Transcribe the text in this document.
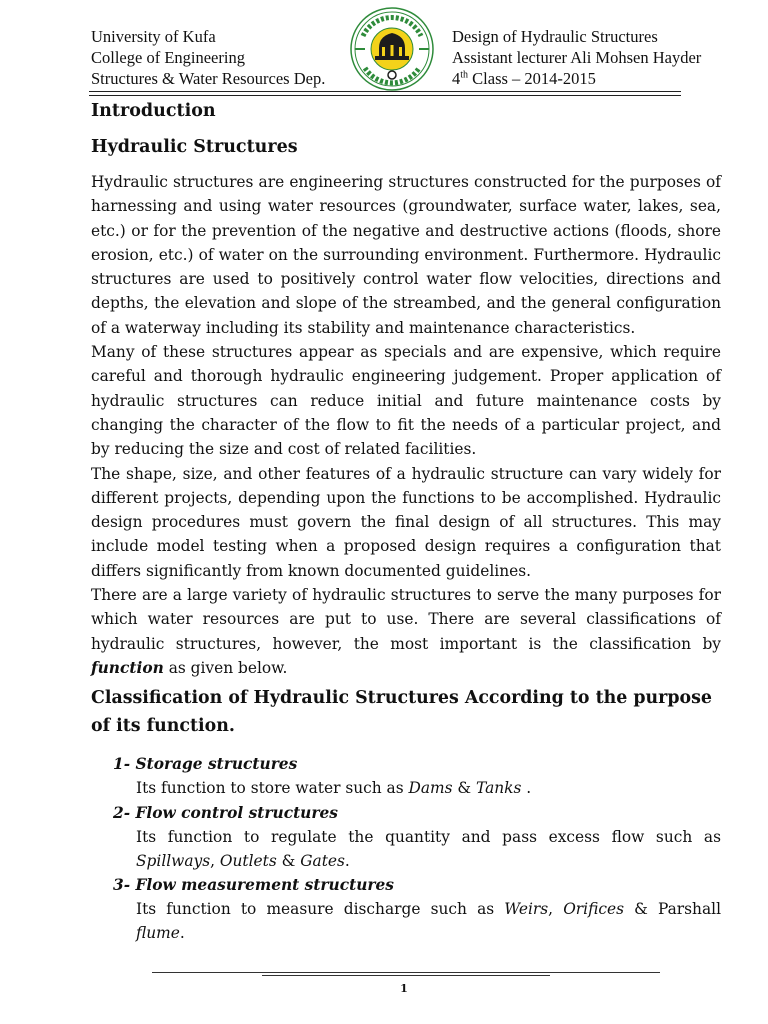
University of Kufa
College of Engineering
Structures & Water Resources Dep.
Design of Hydraulic Structures
Assistant lecturer Ali Mohsen Hayder
4th Class – 2014-2015
Introduction
Hydraulic Structures

Hydraulic structures are engineering structures constructed for the purposes of harnessing and using water resources (groundwater, surface water, lakes, sea, etc.) or for the prevention of the negative and destructive actions (floods, shore erosion, etc.) of water on the surrounding environment. Furthermore. Hydraulic structures are used to positively control water flow velocities, directions and depths, the elevation and slope of the streambed, and the general configuration of a waterway including its stability and maintenance characteristics.

Many of these structures appear as specials and are expensive, which require careful and thorough hydraulic engineering judgement. Proper application of hydraulic structures can reduce initial and future maintenance costs by changing the character of the flow to fit the needs of a particular project, and by reducing the size and cost of related facilities.

The shape, size, and other features of a hydraulic structure can vary widely for different projects, depending upon the functions to be accomplished. Hydraulic design procedures must govern the final design of all structures. This may include model testing when a proposed design requires a configuration that differs significantly from known documented guidelines.

There are a large variety of hydraulic structures to serve the many purposes for which water resources are put to use. There are several classifications of hydraulic structures, however, the most important is the classification by function as given below.

Classification of Hydraulic Structures According to the purpose of its function.
1- Storage structures
Its function to store water such as Dams & Tanks .
2- Flow control structures
Its function to regulate the quantity and pass excess flow such as Spillways, Outlets & Gates.
3- Flow measurement structures
Its function to measure discharge such as Weirs, Orifices & Parshall flume.
1
